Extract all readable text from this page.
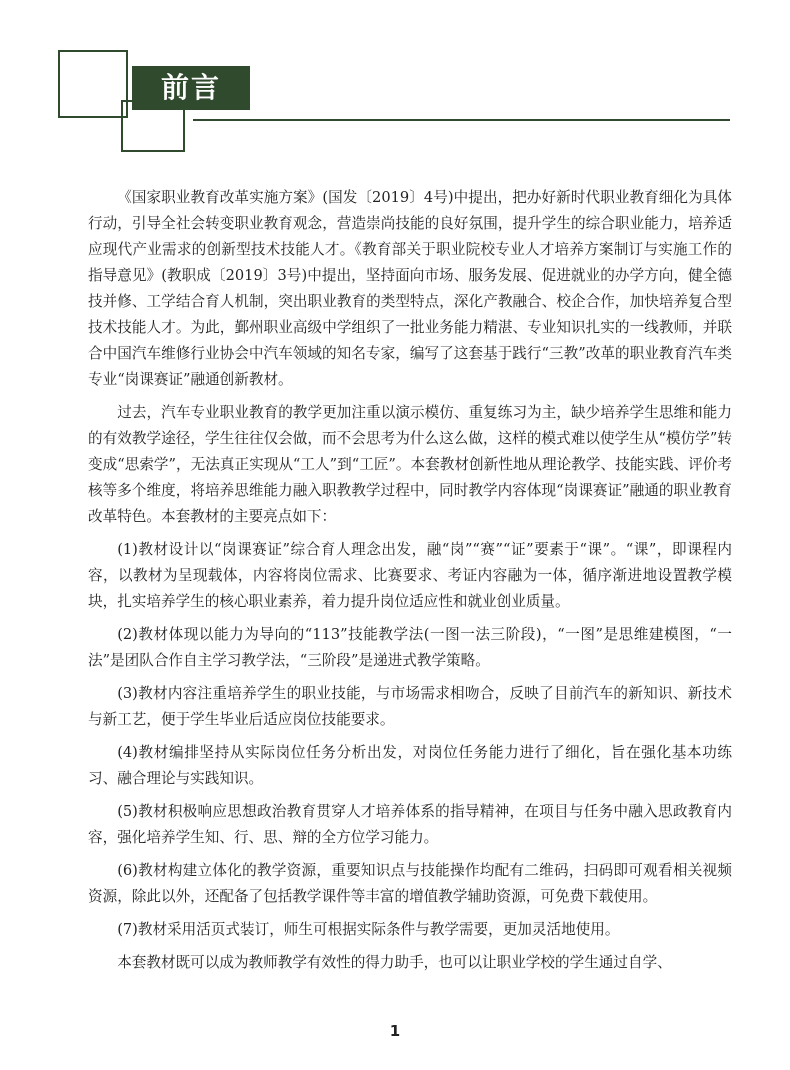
前言

《国家职业教育改革实施方案》(国发〔2019〕4号)中提出，把办好新时代职业教育细化为具体行动，引导全社会转变职业教育观念，营造崇尚技能的良好氛围，提升学生的综合职业能力，培养适应现代产业需求的创新型技术技能人才。《教育部关于职业院校专业人才培养方案制订与实施工作的指导意见》(教职成〔2019〕3号)中提出，坚持面向市场、服务发展、促进就业的办学方向，健全德技并修、工学结合育人机制，突出职业教育的类型特点，深化产教融合、校企合作，加快培养复合型技术技能人才。为此，鄞州职业高级中学组织了一批业务能力精湛、专业知识扎实的一线教师，并联合中国汽车维修行业协会中汽车领域的知名专家，编写了这套基于践行“三教”改革的职业教育汽车类专业“岗课赛证”融通创新教材。

过去，汽车专业职业教育的教学更加注重以演示模仿、重复练习为主，缺少培养学生思维和能力的有效教学途径，学生往往仅会做，而不会思考为什么这么做，这样的模式难以使学生从“模仿学”转变成“思索学”，无法真正实现从“工人”到“工匠”。本套教材创新性地从理论教学、技能实践、评价考核等多个维度，将培养思维能力融入职教教学过程中，同时教学内容体现“岗课赛证”融通的职业教育改革特色。本套教材的主要亮点如下：

(1)教材设计以“岗课赛证”综合育人理念出发，融“岗”“赛”“证”要素于“课”。“课”，即课程内容，以教材为呈现载体，内容将岗位需求、比赛要求、考证内容融为一体，循序渐进地设置教学模块，扎实培养学生的核心职业素养，着力提升岗位适应性和就业创业质量。

(2)教材体现以能力为导向的“113”技能教学法(一图一法三阶段)，“一图”是思维建模图，“一法”是团队合作自主学习教学法，“三阶段”是递进式教学策略。

(3)教材内容注重培养学生的职业技能，与市场需求相吻合，反映了目前汽车的新知识、新技术与新工艺，便于学生毕业后适应岗位技能要求。

(4)教材编排坚持从实际岗位任务分析出发，对岗位任务能力进行了细化，旨在强化基本功练习、融合理论与实践知识。

(5)教材积极响应思想政治教育贯穿人才培养体系的指导精神，在项目与任务中融入思政教育内容，强化培养学生知、行、思、辩的全方位学习能力。

(6)教材构建立体化的教学资源，重要知识点与技能操作均配有二维码，扫码即可观看相关视频资源，除此以外，还配备了包括教学课件等丰富的增值教学辅助资源，可免费下载使用。

(7)教材采用活页式装订，师生可根据实际条件与教学需要，更加灵活地使用。

本套教材既可以成为教师教学有效性的得力助手，也可以让职业学校的学生通过自学、

1
